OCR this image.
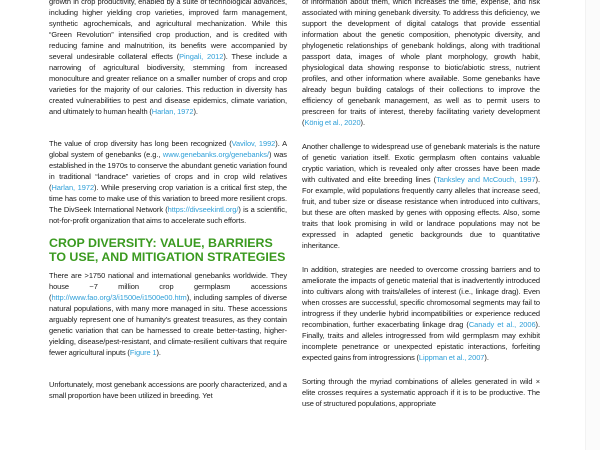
growth in crop productivity, enabled by a suite of technological advances, including higher yielding crop varieties, improved farm management, synthetic agrochemicals, and agricultural mechanization. While this “Green Revolution” intensified crop production, and is credited with reducing famine and malnutrition, its benefits were accompanied by several undesirable collateral effects (Pingali, 2012). These include a narrowing of agricultural biodiversity, stemming from increased monoculture and greater reliance on a smaller number of crops and crop varieties for the majority of our calories. This reduction in diversity has created vulnerabilities to pest and disease epidemics, climate variation, and ultimately to human health (Harlan, 1972).

The value of crop diversity has long been recognized (Vavilov, 1992). A global system of genebanks (e.g., www.genebanks.org/genebanks/) was established in the 1970s to conserve the abundant genetic variation found in traditional “landrace” varieties of crops and in crop wild relatives (Harlan, 1972). While preserving crop variation is a critical first step, the time has come to make use of this variation to breed more resilient crops. The DivSeek International Network (https://divseekintl.org/) is a scientific, not-for-profit organization that aims to accelerate such efforts.

CROP DIVERSITY: VALUE, BARRIERS TO USE, AND MITIGATION STRATEGIES

There are >1750 national and international genebanks worldwide. They house ~7 million crop germplasm accessions (http://www.fao.org/3/i1500e/i1500e00.htm), including samples of diverse natural populations, with many more managed in situ. These accessions arguably represent one of humanity’s greatest treasures, as they contain genetic variation that can be harnessed to create better-tasting, higher-yielding, disease/pest-resistant, and climate-resilient cultivars that require fewer agricultural inputs (Figure 1).

Unfortunately, most genebank accessions are poorly characterized, and a small proportion have been utilized in breeding. Yet

of information about them, which increases the time, expense, and risk associated with mining genebank diversity. To address this deficiency, we support the development of digital catalogs that provide essential information about the genetic composition, phenotypic diversity, and phylogenetic relationships of genebank holdings, along with traditional passport data, images of whole plant morphology, growth habit, physiological data showing response to biotic/abiotic stress, nutrient profiles, and other information where available. Some genebanks have already begun building catalogs of their collections to improve the efficiency of genebank management, as well as to permit users to prescreen for traits of interest, thereby facilitating variety development (König et al., 2020).

Another challenge to widespread use of genebank materials is the nature of genetic variation itself. Exotic germplasm often contains valuable cryptic variation, which is revealed only after crosses have been made with cultivated and elite breeding lines (Tanksley and McCouch, 1997). For example, wild populations frequently carry alleles that increase seed, fruit, and tuber size or disease resistance when introduced into cultivars, but these are often masked by genes with opposing effects. Also, some traits that look promising in wild or landrace populations may not be expressed in adapted genetic backgrounds due to quantitative inheritance.

In addition, strategies are needed to overcome crossing barriers and to ameliorate the impacts of genetic material that is inadvertently introduced into cultivars along with traits/alleles of interest (i.e., linkage drag). Even when crosses are successful, specific chromosomal segments may fail to introgress if they underlie hybrid incompatibilities or experience reduced recombination, further exacerbating linkage drag (Canady et al., 2006). Finally, traits and alleles introgressed from wild germplasm may exhibit incomplete penetrance or unexpected epistatic interactions, forfeiting expected gains from introgressions (Lippman et al., 2007).

Sorting through the myriad combinations of alleles generated in wild × elite crosses requires a systematic approach if it is to be productive. The use of structured populations, appropriate
